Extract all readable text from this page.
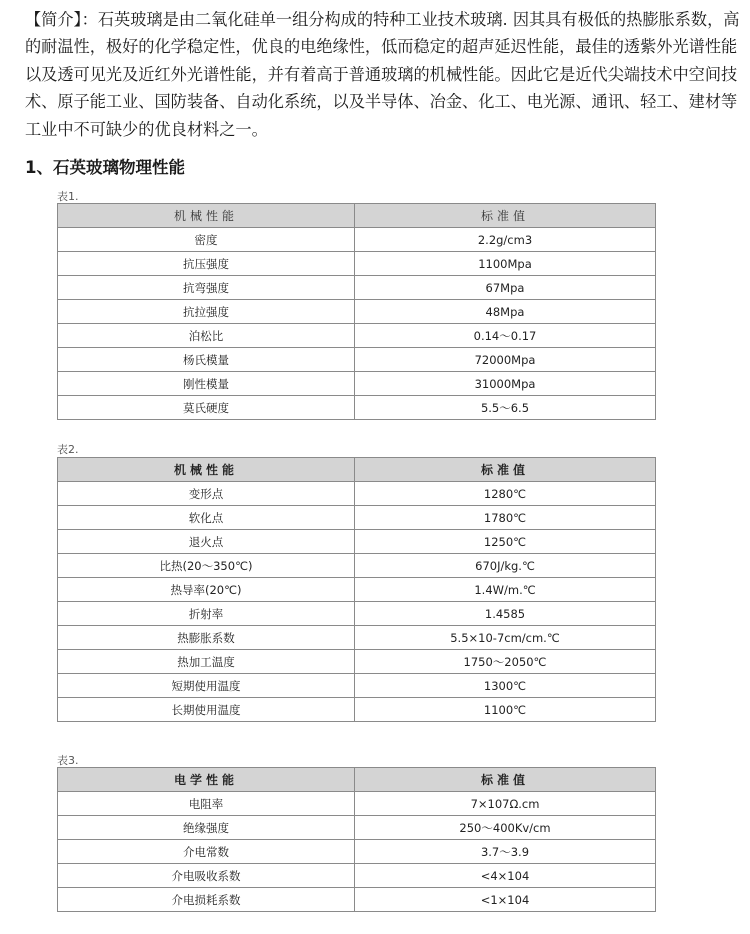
【简介】：石英玻璃是由二氧化硅单一组分构成的特种工业技术玻璃. 因其具有极低的热膨胀系数，高的耐温性，极好的化学稳定性，优良的电绝缘性，低而稳定的超声延迟性能，最佳的透紫外光谱性能以及透可见光及近红外光谱性能，并有着高于普通玻璃的机械性能。因此它是近代尖端技术中空间技术、原子能工业、国防装备、自动化系统，以及半导体、冶金、化工、电光源、通讯、轻工、建材等工业中不可缺少的优良材料之一。
1、石英玻璃物理性能
表1.
机械性能	标准值
密度	2.2g/cm3
抗压强度	1100Mpa
抗弯强度	67Mpa
抗拉强度	48Mpa
泊松比	0.14～0.17
杨氏模量	72000Mpa
刚性模量	31000Mpa
莫氏硬度	5.5～6.5
表2.
机械性能	标准值
变形点	1280℃
软化点	1780℃
退火点	1250℃
比热(20～350℃)	670J/kg.℃
热导率(20℃)	1.4W/m.℃
折射率	1.4585
热膨胀系数	5.5×10-7cm/cm.℃
热加工温度	1750～2050℃
短期使用温度	1300℃
长期使用温度	1100℃
表3.
电学性能	标准值
电阻率	7×107Ω.cm
绝缘强度	250～400Kv/cm
介电常数	3.7～3.9
介电吸收系数	<4×104
介电损耗系数	<1×104
